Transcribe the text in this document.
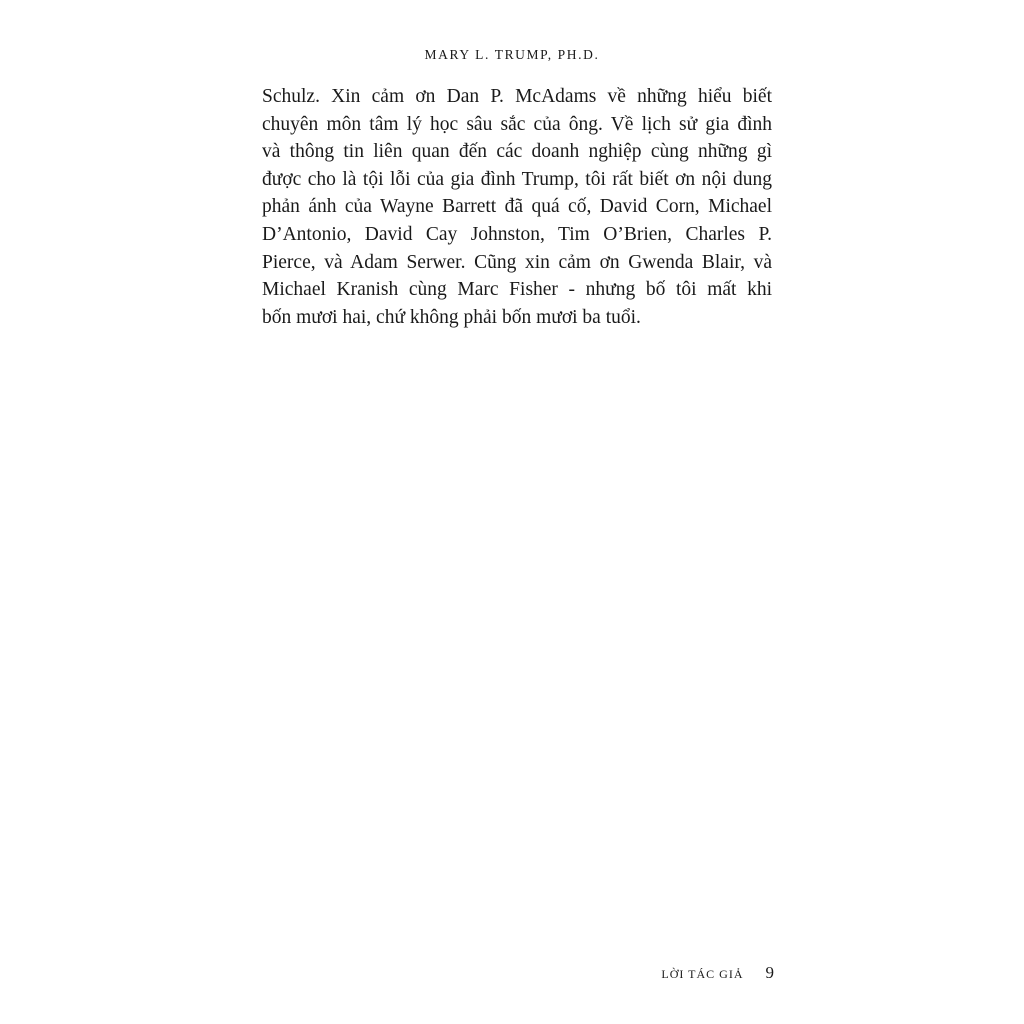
MARY L. TRUMP, PH.D.
Schulz. Xin cảm ơn Dan P. McAdams về những hiểu biết
chuyên môn tâm lý học sâu sắc của ông. Về lịch sử gia đình
và thông tin liên quan đến các doanh nghiệp cùng những gì
được cho là tội lỗi của gia đình Trump, tôi rất biết ơn nội dung
phản ánh của Wayne Barrett đã quá cố, David Corn, Michael
D’Antonio, David Cay Johnston, Tim O’Brien, Charles P.
Pierce, và Adam Serwer. Cũng xin cảm ơn Gwenda Blair, và
Michael Kranish cùng Marc Fisher - nhưng bố tôi mất khi
bốn mươi hai, chứ không phải bốn mươi ba tuổi.
LỜI TÁC GIẢ 9
